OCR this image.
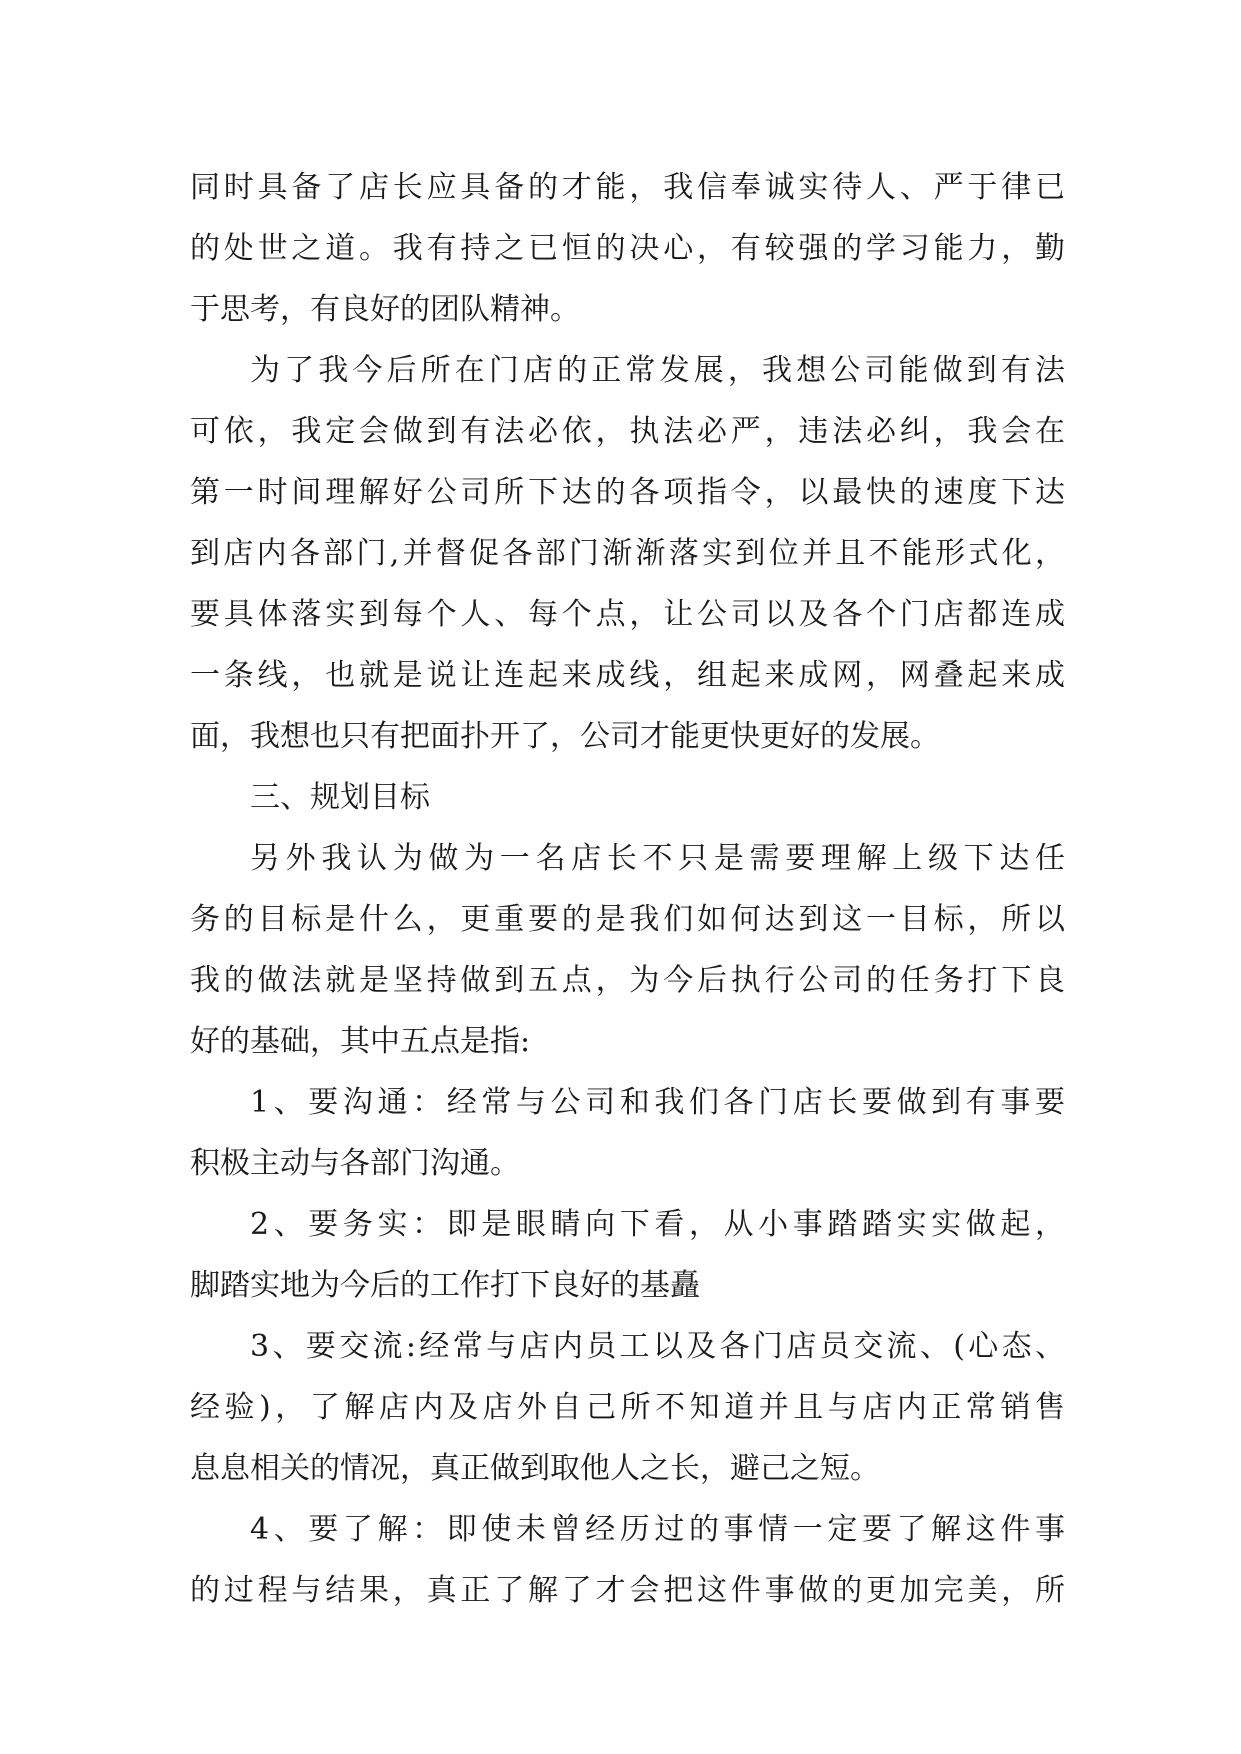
同时具备了店长应具备的才能，我信奉诚实待人、严于律已
的处世之道。我有持之已恒的决心，有较强的学习能力，勤
于思考，有良好的团队精神。
为了我今后所在门店的正常发展，我想公司能做到有法
可依，我定会做到有法必依，执法必严，违法必纠，我会在
第一时间理解好公司所下达的各项指令，以最快的速度下达
到店内各部门,并督促各部门渐渐落实到位并且不能形式化，
要具体落实到每个人、每个点，让公司以及各个门店都连成
一条线，也就是说让连起来成线，组起来成网，网叠起来成
面，我想也只有把面扑开了，公司才能更快更好的发展。
三、规划目标
另外我认为做为一名店长不只是需要理解上级下达任
务的目标是什么，更重要的是我们如何达到这一目标，所以
我的做法就是坚持做到五点，为今后执行公司的任务打下良
好的基础，其中五点是指:
1、要沟通：经常与公司和我们各门店长要做到有事要
积极主动与各部门沟通。
2、要务实：即是眼睛向下看，从小事踏踏实实做起，
脚踏实地为今后的工作打下良好的基矗
3、要交流:经常与店内员工以及各门店员交流、(心态、
经验)，了解店内及店外自己所不知道并且与店内正常销售
息息相关的情况，真正做到取他人之长，避己之短。
4、要了解：即使未曾经历过的事情一定要了解这件事
的过程与结果，真正了解了才会把这件事做的更加完美，所
